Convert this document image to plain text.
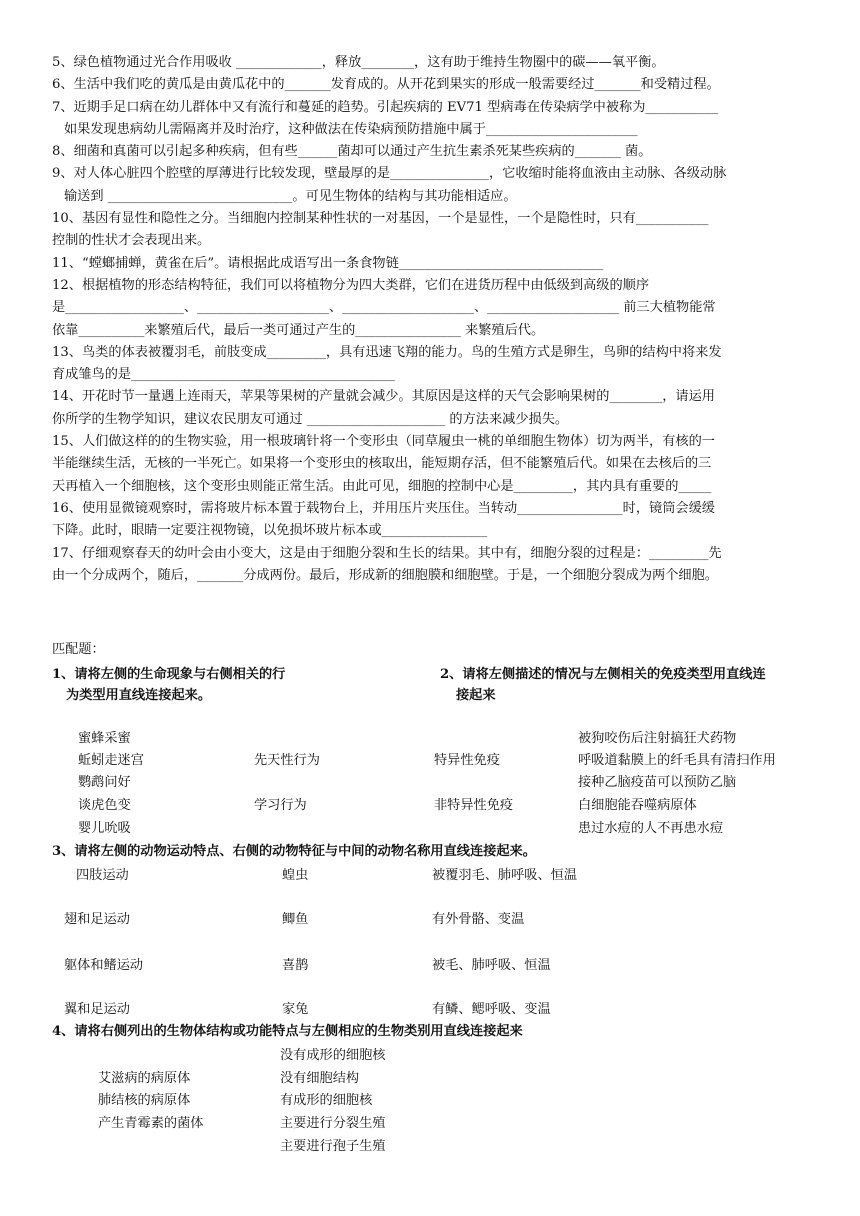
5、绿色植物通过光合作用吸收 _____________，释放________，这有助于维持生物圈中的碳——氧平衡。

6、生活中我们吃的黄瓜是由黄瓜花中的_______发育成的。从开花到果实的形成一般需要经过_______和受精过程。

7、近期手足口病在幼儿群体中又有流行和蔓延的趋势。引起疾病的 EV71 型病毒在传染病学中被称为___________

如果发现患病幼儿需隔离并及时治疗，这种做法在传染病预防措施中属于_______________________

8、细菌和真菌可以引起多种疾病，但有些______菌却可以通过产生抗生素杀死某些疾病的_______ 菌。

9、对人体心脏四个腔壁的厚薄进行比较发现，壁最厚的是_______________，它收缩时能将血液由主动脉、各级动脉

输送到 ____________________________。可见生物体的结构与其功能相适应。

10、基因有显性和隐性之分。当细胞内控制某种性状的一对基因，一个是显性，一个是隐性时，只有___________

控制的性状才会表现出来。

11、“螳螂捕蝉，黄雀在后”。请根据此成语写出一条食物链_______________________________

12、根据植物的形态结构特征，我们可以将植物分为四大类群，它们在进货历程中由低级到高级的顺序

是__________________、____________________、____________________、____________________ 前三大植物能常

依靠__________来繁殖后代，最后一类可通过产生的________________ 来繁殖后代。

13、鸟类的体表被覆羽毛，前肢变成_________，具有迅速飞翔的能力。鸟的生殖方式是卵生，鸟卵的结构中将来发

育成雏鸟的是________________________________________

14、开花时节一量遇上连雨天，苹果等果树的产量就会减少。其原因是这样的天气会影响果树的________，请运用

你所学的生物学知识，建议农民朋友可通过 _____________________ 的方法来减少损失。

15、人们做这样的的生物实验，用一根玻璃针将一个变形虫（同草履虫一桃的单细胞生物体）切为两半，有核的一

半能继续生活，无核的一半死亡。如果将一个变形虫的核取出，能短期存活，但不能繁殖后代。如果在去核后的三

天再植入一个细胞核，这个变形虫则能正常生活。由此可见，细胞的控制中心是_________，其内具有重要的_____

16、使用显微镜观察时，需将玻片标本置于载物台上，并用压片夹压住。当转动________________时，镜筒会缓缓

下降。此时，眼睛一定要注视物镜，以免损坏玻片标本或________________

17、仔细观察春天的幼叶会由小变大，这是由于细胞分裂和生长的结果。其中有，细胞分裂的过程是：_________先

由一个分成两个，随后，_______分成两份。最后，形成新的细胞膜和细胞壁。于是，一个细胞分裂成为两个细胞。

匹配题：
1、请将左侧的生命现象与右侧相关的行
为类型用直线连接起来。
2、请将左侧描述的情况与左侧相关的免疫类型用直线连
接起来
蜜蜂采蜜
蚯蚓走迷宫
鹦鹉问好
谈虎色变
婴儿吮吸
先天性行为
学习行为
特异性免疫
非特异性免疫
被狗咬伤后注射搞狂犬药物
呼吸道黏膜上的纤毛具有清扫作用
接种乙脑疫苗可以预防乙脑
白细胞能吞噬病原体
患过水痘的人不再患水痘
3、请将左侧的动物运动特点、右侧的动物特征与中间的动物名称用直线连接起来。
四肢运动
翅和足运动
躯体和鳍运动
翼和足运动
蝗虫
鲫鱼
喜鹊
家兔
被覆羽毛、肺呼吸、恒温
有外骨骼、变温
被毛、肺呼吸、恒温
有鳞、鳃呼吸、变温
4、请将右侧列出的生物体结构或功能特点与左侧相应的生物类别用直线连接起来
艾滋病的病原体
肺结核的病原体
产生青霉素的菌体
没有成形的细胞核
没有细胞结构
有成形的细胞核
主要进行分裂生殖
主要进行孢子生殖
